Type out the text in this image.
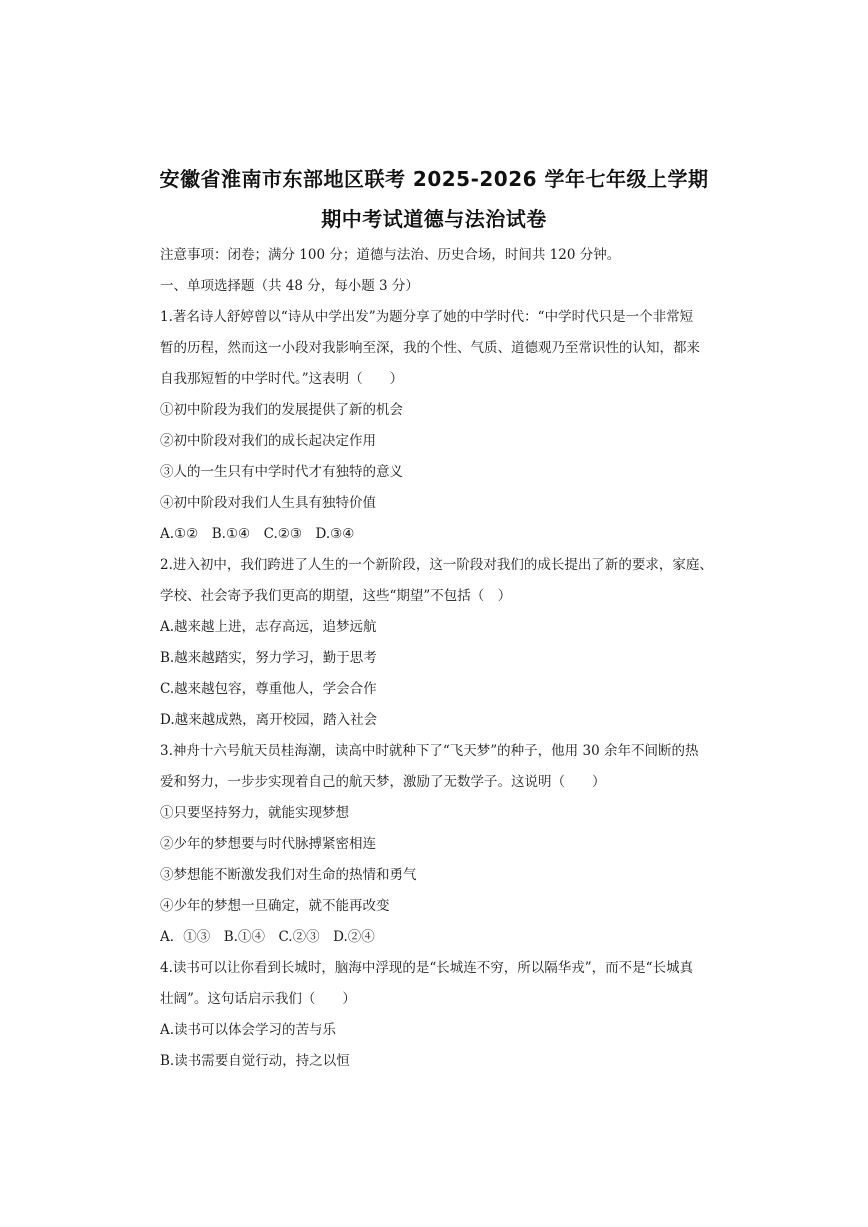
安徽省淮南市东部地区联考 2025-2026 学年七年级上学期
期中考试道德与法治试卷
注意事项：闭卷；满分 100 分；道德与法治、历史合场，时间共 120 分钟。
一、单项选择题（共 48 分，每小题 3 分）
1.著名诗人舒婷曾以“诗从中学出发”为题分享了她的中学时代：“中学时代只是一个非常短
暂的历程，然而这一小段对我影响至深，我的个性、气质、道德观乃至常识性的认知，都来
自我那短暂的中学时代。”这表明（　　）
①初中阶段为我们的发展提供了新的机会
②初中阶段对我们的成长起决定作用
③人的一生只有中学时代才有独特的意义
④初中阶段对我们人生具有独特价值
A.①②　B.①④　C.②③　D.③④
2.进入初中，我们跨进了人生的一个新阶段，这一阶段对我们的成长提出了新的要求，家庭、
学校、社会寄予我们更高的期望，这些“期望”不包括（　）
A.越来越上进，志存高远，追梦远航
B.越来越踏实，努力学习，勤于思考
C.越来越包容，尊重他人，学会合作
D.越来越成熟，离开校园，踏入社会
3.神舟十六号航天员桂海潮，读高中时就种下了“飞天梦”的种子，他用 30 余年不间断的热
爱和努力，一步步实现着自己的航天梦，激励了无数学子。这说明（　　）
①只要坚持努力，就能实现梦想
②少年的梦想要与时代脉搏紧密相连
③梦想能不断激发我们对生命的热情和勇气
④少年的梦想一旦确定，就不能再改变
A．①③　B.①④　C.②③　D.②④
4.读书可以让你看到长城时，脑海中浮现的是“长城连不穷，所以隔华戎”，而不是“长城真
壮阔”。这句话启示我们（　　）
A.读书可以体会学习的苦与乐
B.读书需要自觉行动，持之以恒
